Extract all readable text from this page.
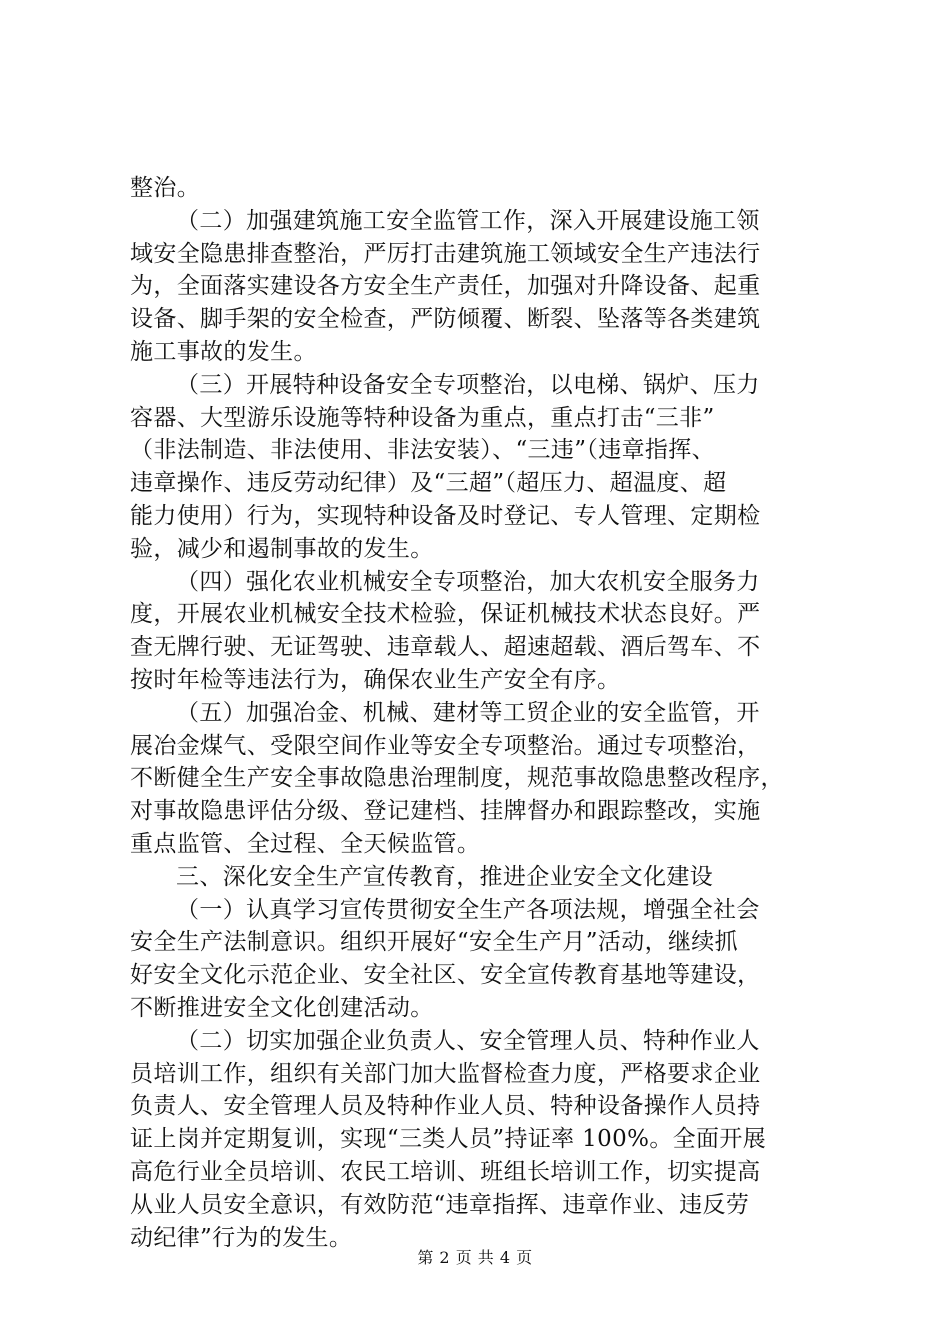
整治。
（二）加强建筑施工安全监管工作，深入开展建设施工领
域安全隐患排查整治，严厉打击建筑施工领域安全生产违法行
为，全面落实建设各方安全生产责任，加强对升降设备、起重
设备、脚手架的安全检查，严防倾覆、断裂、坠落等各类建筑
施工事故的发生。
（三）开展特种设备安全专项整治，以电梯、锅炉、压力
容器、大型游乐设施等特种设备为重点，重点打击“三非”
（非法制造、非法使用、非法安装）、“三违”（违章指挥、
违章操作、违反劳动纪律）及“三超”（超压力、超温度、超
能力使用）行为，实现特种设备及时登记、专人管理、定期检
验，减少和遏制事故的发生。
（四）强化农业机械安全专项整治，加大农机安全服务力
度，开展农业机械安全技术检验，保证机械技术状态良好。严
查无牌行驶、无证驾驶、违章载人、超速超载、酒后驾车、不
按时年检等违法行为，确保农业生产安全有序。
（五）加强冶金、机械、建材等工贸企业的安全监管，开
展冶金煤气、受限空间作业等安全专项整治。通过专项整治，
不断健全生产安全事故隐患治理制度，规范事故隐患整改程序，
对事故隐患评估分级、登记建档、挂牌督办和跟踪整改，实施
重点监管、全过程、全天候监管。
三、深化安全生产宣传教育，推进企业安全文化建设
（一）认真学习宣传贯彻安全生产各项法规，增强全社会
安全生产法制意识。组织开展好“安全生产月”活动，继续抓
好安全文化示范企业、安全社区、安全宣传教育基地等建设，
不断推进安全文化创建活动。
（二）切实加强企业负责人、安全管理人员、特种作业人
员培训工作，组织有关部门加大监督检查力度，严格要求企业
负责人、安全管理人员及特种作业人员、特种设备操作人员持
证上岗并定期复训，实现“三类人员”持证率 100%。全面开展
高危行业全员培训、农民工培训、班组长培训工作，切实提高
从业人员安全意识，有效防范“违章指挥、违章作业、违反劳
动纪律”行为的发生。
第 2 页 共 4 页
